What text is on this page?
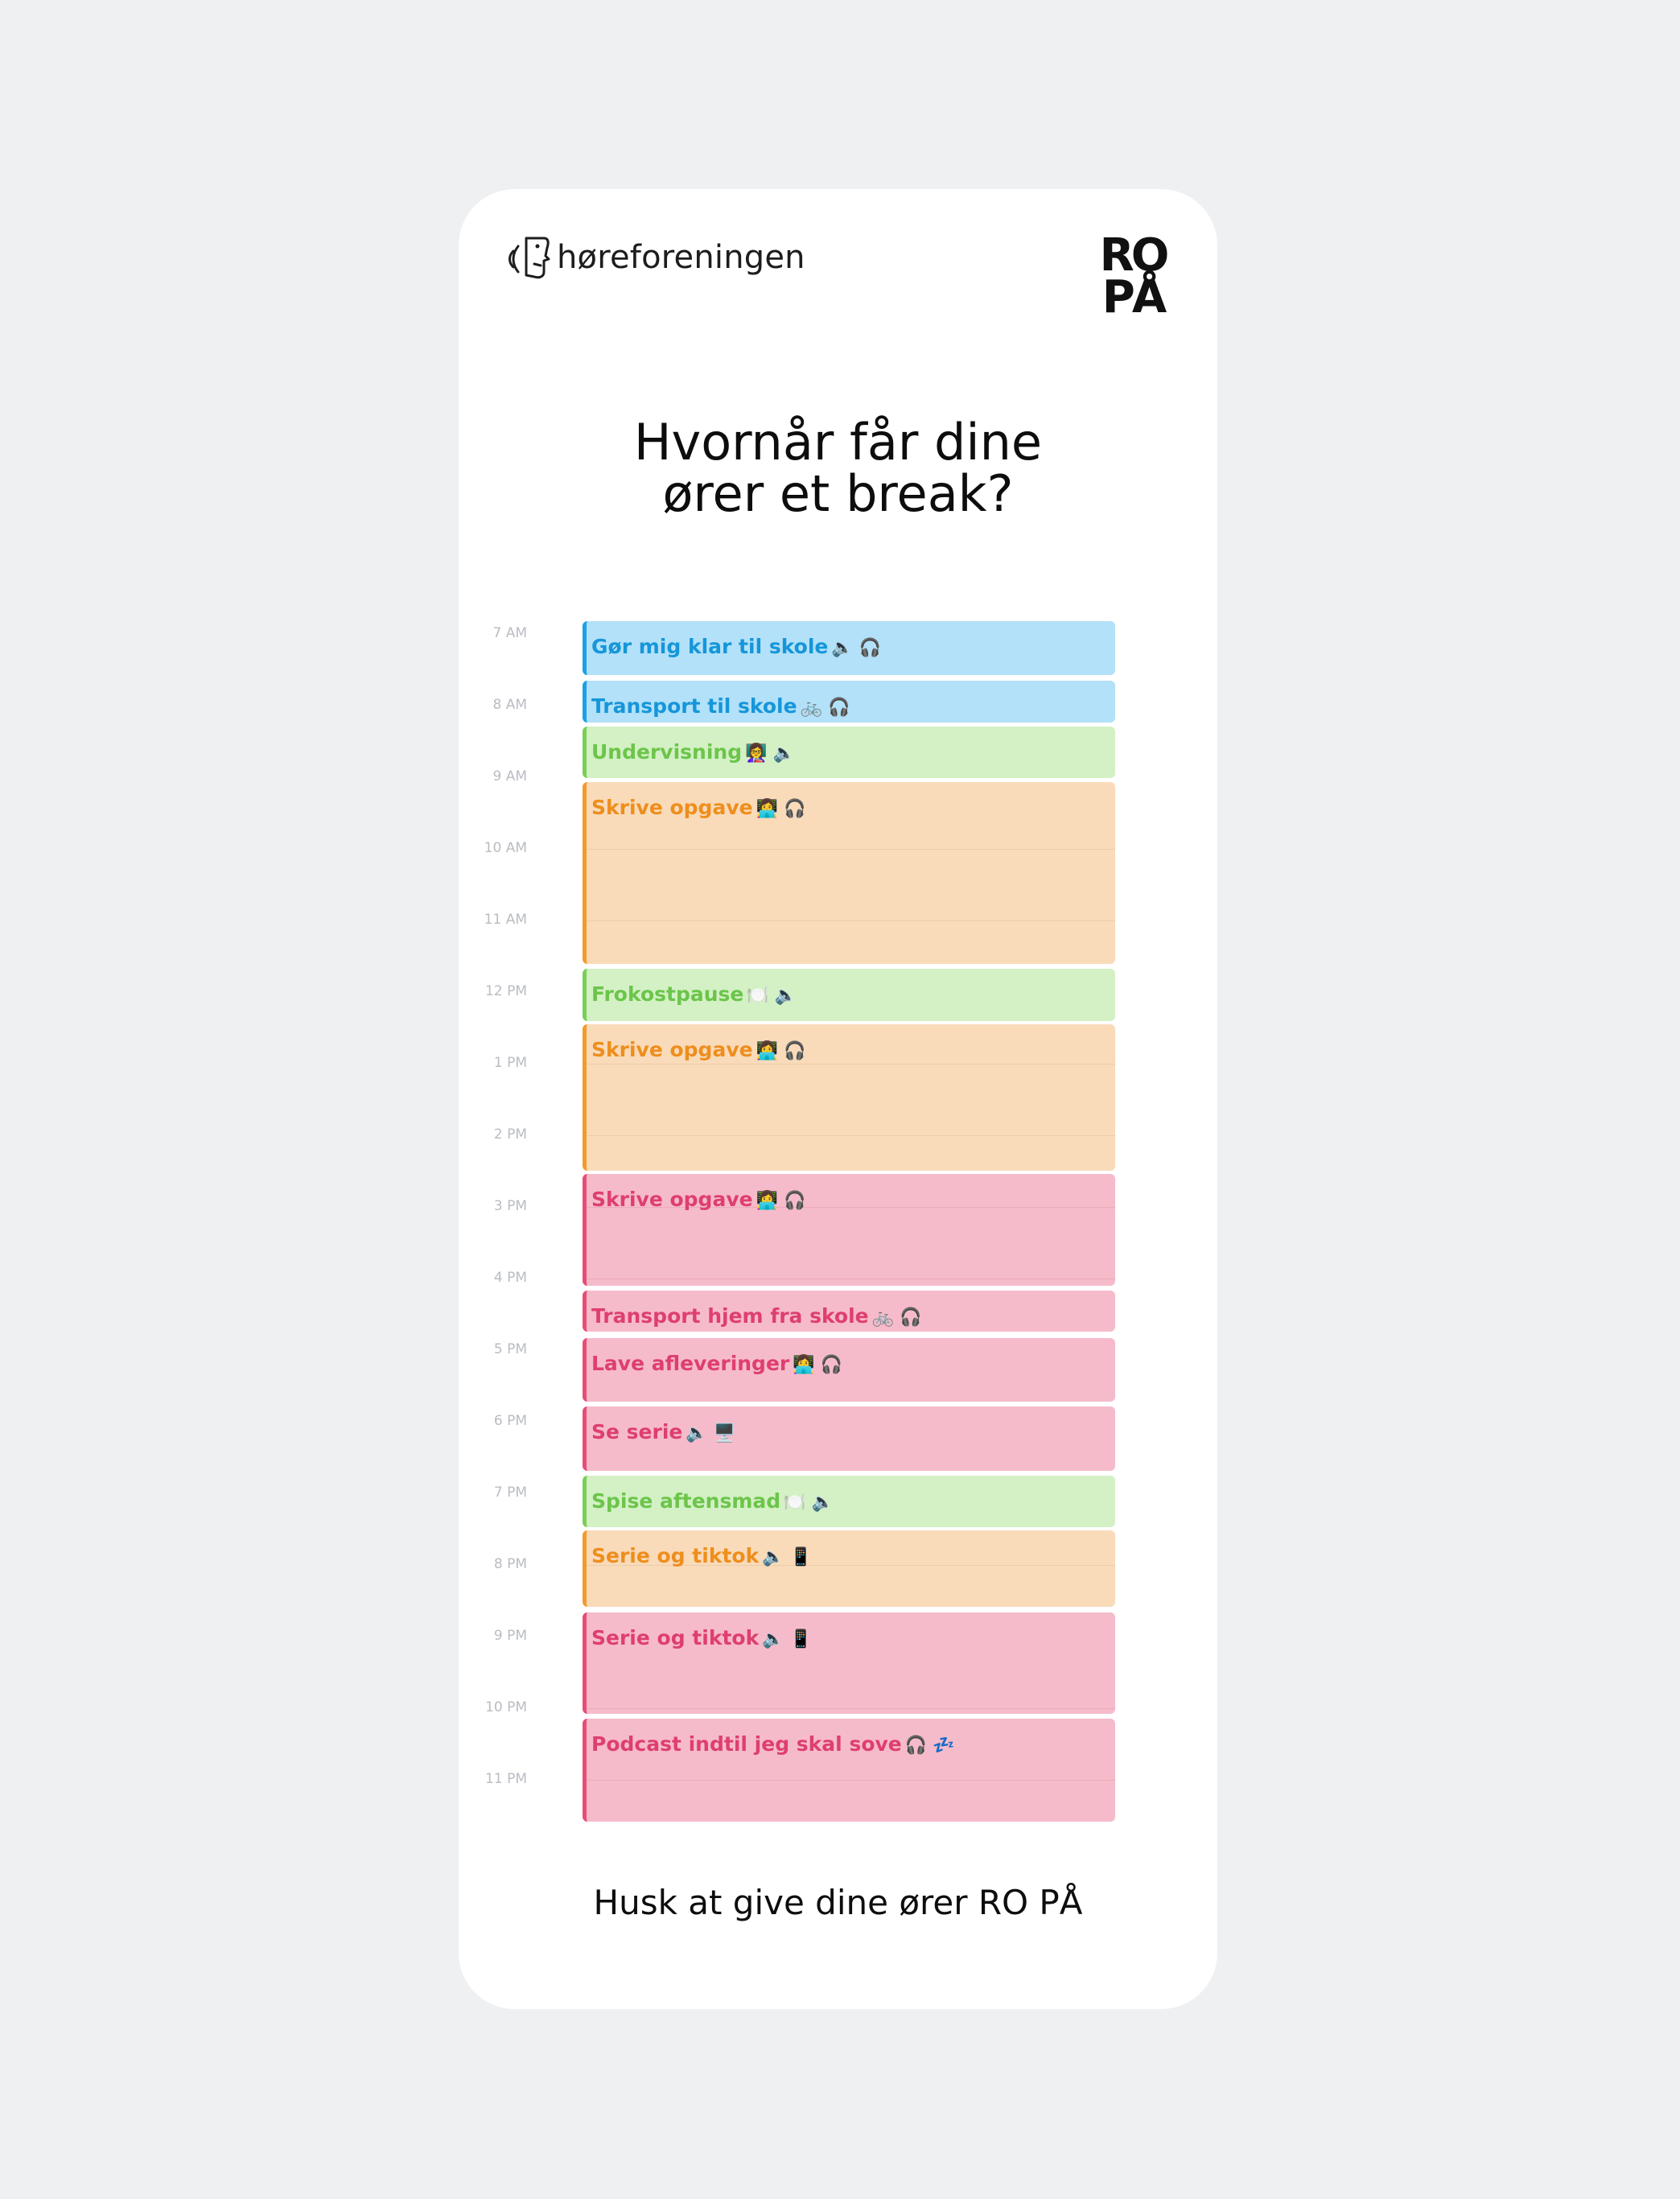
høreforeningen	RO
PÅ
Hvornår får dine
ører et break?
7 AM
8 AM
9 AM
10 AM
11 AM
12 PM
1 PM
2 PM
3 PM
4 PM
5 PM
6 PM
7 PM
8 PM
9 PM
10 PM
11 PM
Gør mig klar til skole 🔈 🎧
Transport til skole 🚲 🎧
Undervisning 👩‍🏫 🔈
Skrive opgave 👩‍💻 🎧
Frokostpause 🍽️ 🔈
Skrive opgave 👩‍💻 🎧
Skrive opgave 👩‍💻 🎧
Transport hjem fra skole 🚲 🎧
Lave afleveringer 👩‍💻 🎧
Se serie 🔈 🖥️
Spise aftensmad 🍽️ 🔈
Serie og tiktok 🔈 📱
Serie og tiktok 🔈 📱
Podcast indtil jeg skal sove 🎧 💤
Husk at give dine ører RO PÅ
